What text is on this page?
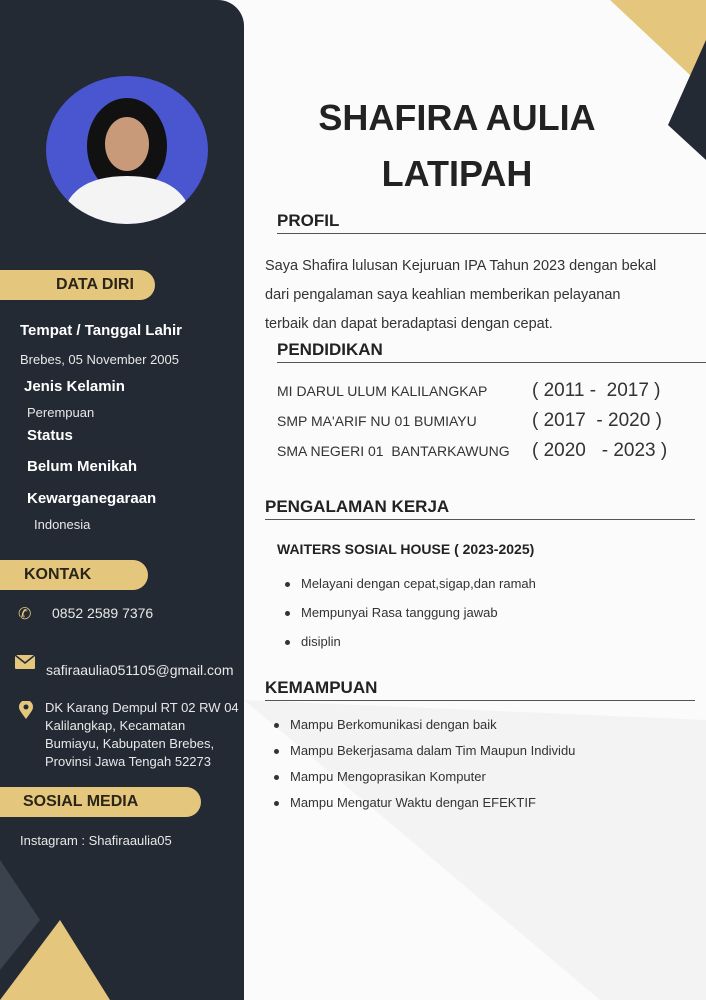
DATA DIRI
Tempat / Tanggal Lahir
Brebes, 05 November 2005
Jenis Kelamin
Perempuan
Status
Belum Menikah
Kewarganegaraan
Indonesia
KONTAK
✆ 0852 2589 7376
safiraaulia051105@gmail.com
DK Karang Dempul RT 02 RW 04
Kalilangkap, Kecamatan
Bumiayu, Kabupaten Brebes,
Provinsi Jawa Tengah 52273
SOSIAL MEDIA
Instagram : Shafiraaulia05
SHAFIRA AULIA
LATIPAH
PROFIL
Saya Shafira lulusan Kejuruan IPA Tahun 2023 dengan bekal
dari pengalaman saya keahlian memberikan pelayanan
terbaik dan dapat beradaptasi dengan cepat.
PENDIDIKAN
MI DARUL ULUM KALILANGKAP	( 2011 -  2017 )
SMP MA'ARIF NU 01 BUMIAYU	( 2017  - 2020 )
SMA NEGERI 01  BANTARKAWUNG	( 2020   - 2023 )
PENGALAMAN KERJA
WAITERS SOSIAL HOUSE ( 2023-2025)
Melayani dengan cepat,sigap,dan ramah
Mempunyai Rasa tanggung jawab
disiplin
KEMAMPUAN
Mampu Berkomunikasi dengan baik
Mampu Bekerjasama dalam Tim Maupun Individu
Mampu Mengoprasikan Komputer
Mampu Mengatur Waktu dengan EFEKTIF
